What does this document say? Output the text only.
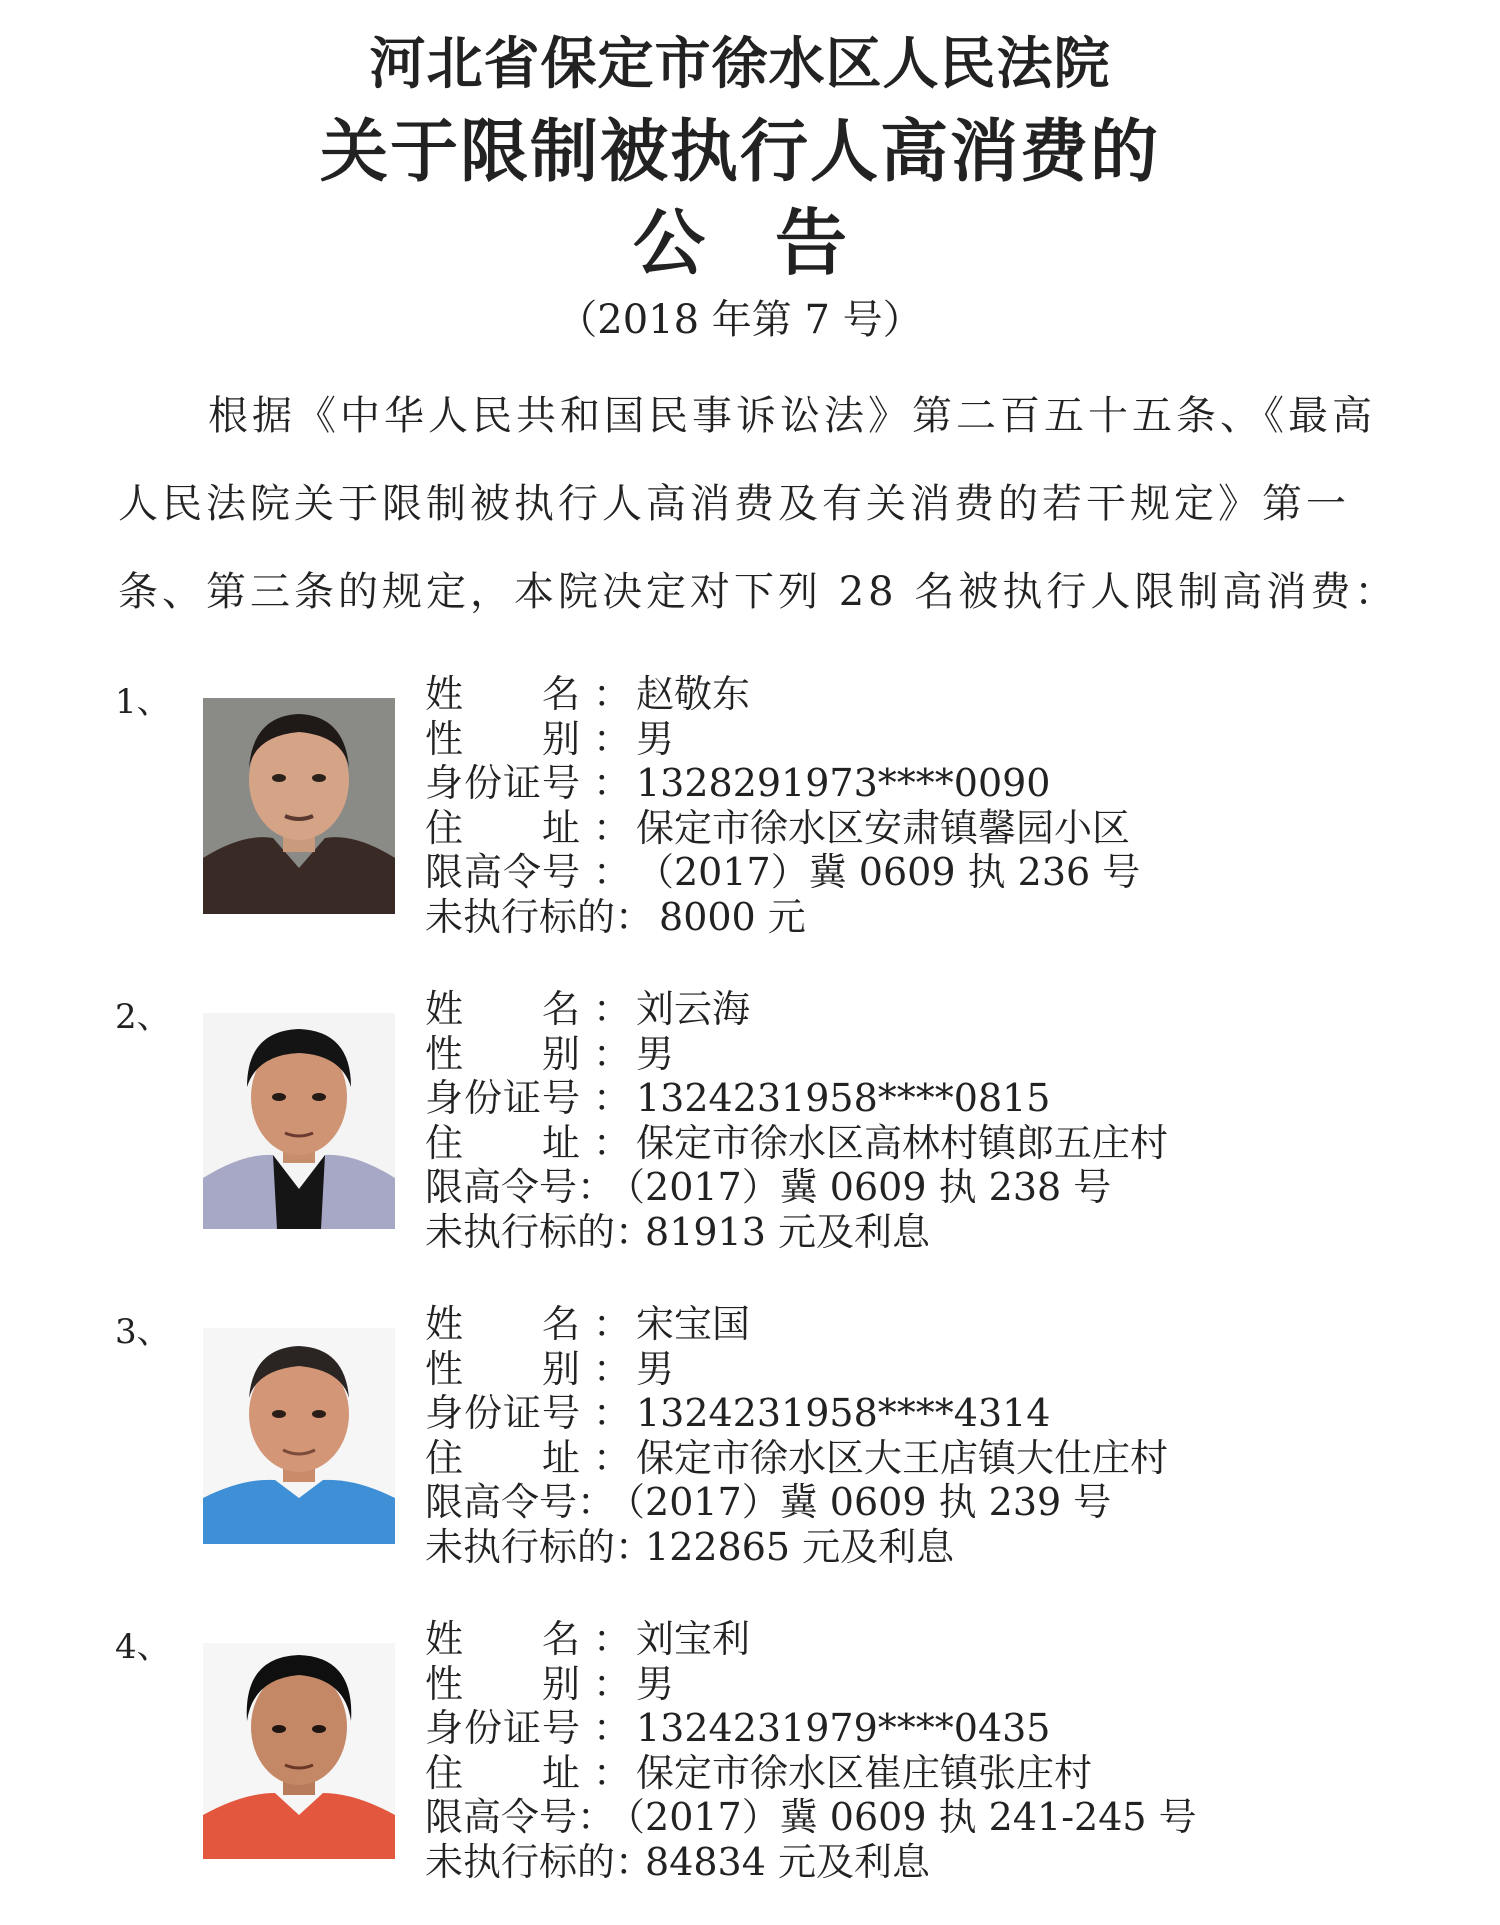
河北省保定市徐水区人民法院
关于限制被执行人高消费的
公告
（2018 年第 7 号）
根据《中华人民共和国民事诉讼法》第二百五十五条、《最高
人民法院关于限制被执行人高消费及有关消费的若干规定》第一
条、第三条的规定，本院决定对下列 28 名被执行人限制高消费：
1、	姓名 ： 赵敬东
性别 ： 男
身份证号 ： 1328291973****0090
住址 ： 保定市徐水区安肃镇馨园小区
限高令号 ： （2017）冀 0609 执 236 号
未执行标的： 8000 元
2、	姓名 ： 刘云海
性别 ： 男
身份证号 ： 1324231958****0815
住址 ： 保定市徐水区高林村镇郎五庄村
限高令号：（2017）冀 0609 执 238 号
未执行标的：81913 元及利息
3、	姓名 ： 宋宝国
性别 ： 男
身份证号 ： 1324231958****4314
住址 ： 保定市徐水区大王店镇大仕庄村
限高令号：（2017）冀 0609 执 239 号
未执行标的：122865 元及利息
4、	姓名 ： 刘宝利
性别 ： 男
身份证号 ： 1324231979****0435
住址 ： 保定市徐水区崔庄镇张庄村
限高令号：（2017）冀 0609 执 241-245 号
未执行标的：84834 元及利息
